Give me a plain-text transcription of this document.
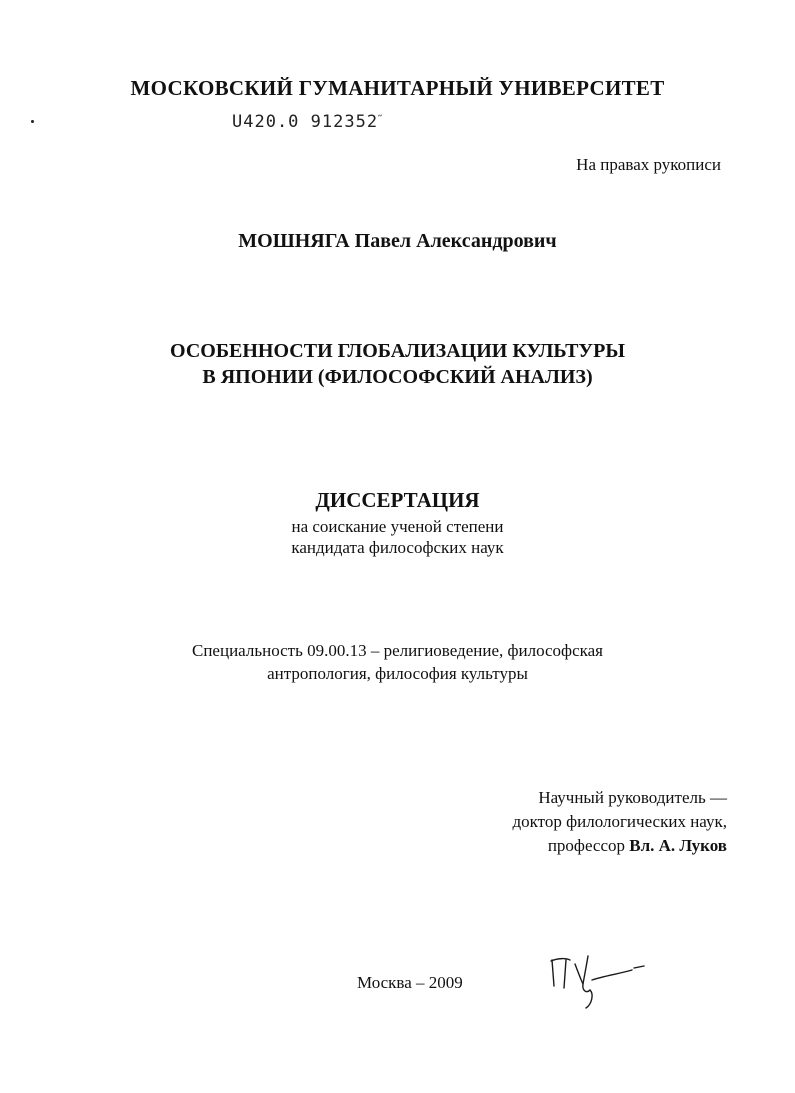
МОСКОВСКИЙ ГУМАНИТАРНЫЙ УНИВЕРСИТЕТ
U420.0 912352 ˝
На правах рукописи
МОШНЯГА Павел Александрович
ОСОБЕННОСТИ ГЛОБАЛИЗАЦИИ КУЛЬТУРЫ
В ЯПОНИИ (ФИЛОСОФСКИЙ АНАЛИЗ)
ДИССЕРТАЦИЯ
на соискание ученой степени
кандидата философских наук
Специальность 09.00.13 – религиоведение, философская
антропология, философия культуры
Научный руководитель —
доктор филологических наук,
профессор Вл. А. Луков
Москва – 2009
